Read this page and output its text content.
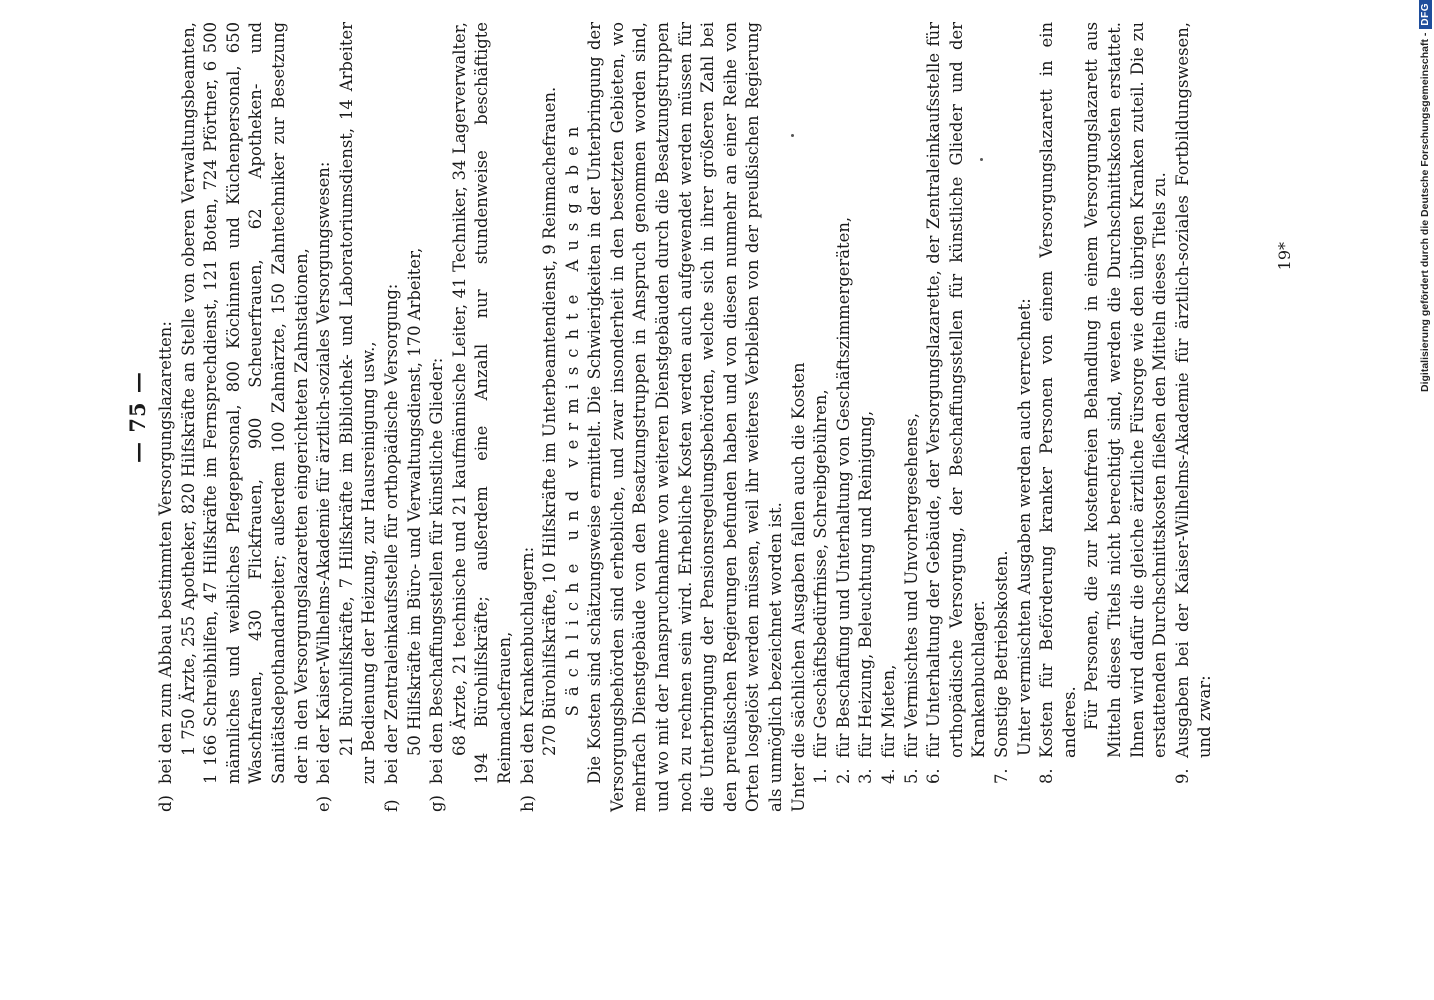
— 75 —
d)

bei den zum Abbau bestimmten Versorgungslazaretten: 1 750 Ärzte, 255 Apotheker, 820 Hilfskräfte an Stelle von oberen Verwaltungsbeamten, 1 166 Schreibhilfen, 47 Hilfskräfte im Fernsprechdienst, 121 Boten, 724 Pförtner, 6 500 männliches und weibliches Pflegepersonal, 800 Köchinnen und Küchenpersonal, 650 Waschfrauen, 430 Flickfrauen, 900 Scheuerfrauen, 62 Apotheken- und Sanitätsdepothandarbeiter; außerdem 100 Zahnärzte, 150 Zahntechniker zur Besetzung der in den Versorgungslazaretten eingerichteten Zahnstationen,

e)

bei der Kaiser-Wilhelms-Akademie für ärztlich-soziales Versorgungswesen: 21 Bürohilfskräfte, 7 Hilfskräfte im Bibliothek- und Laboratoriumsdienst, 14 Arbeiter zur Bedienung der Heizung, zur Hausreinigung usw.,

f)

bei der Zentraleinkaufsstelle für orthopädische Versorgung: 50 Hilfskräfte im Büro- und Verwaltungsdienst, 170 Arbeiter,

g)

bei den Beschaffungsstellen für künstliche Glieder: 68 Ärzte, 21 technische und 21 kaufmännische Leiter, 41 Techniker, 34 Lagerverwalter, 194 Bürohilfskräfte; außerdem eine Anzahl nur stundenweise beschäftigte Reinmachefrauen,

h)

bei den Krankenbuchlagern: 270 Bürohilfskräfte, 10 Hilfskräfte im Unterbeamtendienst, 9 Reinmachefrauen. Sächliche und vermischte Ausgaben Die Kosten sind schätzungsweise ermittelt. Die Schwierigkeiten in der Unterbringung der Versorgungsbehörden sind erhebliche, und zwar insonderheit in den besetzten Gebieten, wo mehrfach Dienstgebäude von den Besatzungstruppen in Anspruch genommen worden sind, und wo mit der Inanspruchnahme von weiteren Dienstgebäuden durch die Besatzungstruppen noch zu rechnen sein wird. Erhebliche Kosten werden auch aufgewendet werden müssen für die Unterbringung der Pensionsregelungsbehörden, welche sich in ihrer größeren Zahl bei den preußischen Regierungen befunden haben und von diesen nunmehr an einer Reihe von Orten losgelöst werden müssen, weil ihr weiteres Verbleiben von der preußischen Regierung als unmöglich bezeichnet worden ist. Unter die sächlichen Ausgaben fallen auch die Kosten 1.
für Geschäftsbedürfnisse, Schreibgebühren,
2.
für Beschaffung und Unterhaltung von Geschäftszimmergeräten,
3.
für Heizung, Beleuchtung und Reinigung,
4.
für Mieten,
5.
für Vermischtes und Unvorhergesehenes,
6.
für Unterhaltung der Gebäude, der Versorgungslazarette, der Zentraleinkaufsstelle für orthopädische Versorgung, der Beschaffungsstellen für künstliche Glieder und der Krankenbuchlager.
7.
Sonstige Betriebskosten. Unter vermischten Ausgaben werden auch verrechnet:

8.
Kosten für Beförderung kranker Personen von einem Versorgungslazarett in ein anderes. Für Personen, die zur kostenfreien Behandlung in einem Versorgungslazarett aus Mitteln dieses Titels nicht berechtigt sind, werden die Durchschnittskosten erstattet. Ihnen wird dafür die gleiche ärztliche Fürsorge wie den übrigen Kranken zuteil. Die zu erstattenden Durchschnittskosten fließen den Mitteln dieses Titels zu.

9.
Ausgaben bei der Kaiser-Wilhelms-Akademie für ärztlich-soziales Fortbildungswesen, und zwar:
19*	Digitalisierung gefördert durch die Deutsche Forschungsgemeinschaft -
DFG
